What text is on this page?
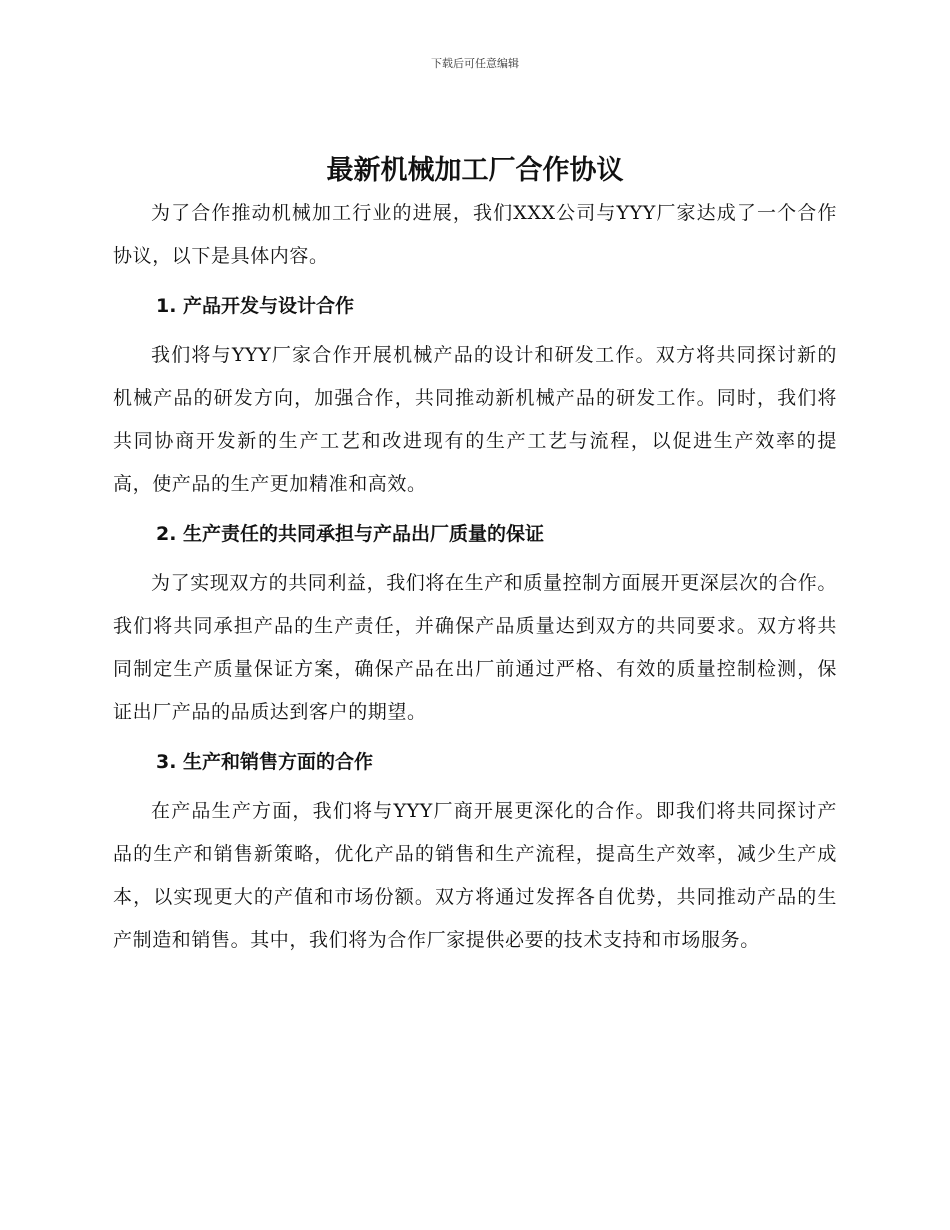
下载后可任意编辑
最新机械加工厂合作协议

为了合作推动机械加工行业的进展，我们XXX公司与YYY厂家达成了一个合作协议，以下是具体内容。

1. 产品开发与设计合作

我们将与YYY厂家合作开展机械产品的设计和研发工作。双方将共同探讨新的机械产品的研发方向，加强合作，共同推动新机械产品的研发工作。同时，我们将共同协商开发新的生产工艺和改进现有的生产工艺与流程，以促进生产效率的提高，使产品的生产更加精准和高效。

2. 生产责任的共同承担与产品出厂质量的保证

为了实现双方的共同利益，我们将在生产和质量控制方面展开更深层次的合作。我们将共同承担产品的生产责任，并确保产品质量达到双方的共同要求。双方将共同制定生产质量保证方案，确保产品在出厂前通过严格、有效的质量控制检测，保证出厂产品的品质达到客户的期望。

3. 生产和销售方面的合作

在产品生产方面，我们将与YYY厂商开展更深化的合作。即我们将共同探讨产品的生产和销售新策略，优化产品的销售和生产流程，提高生产效率，减少生产成本，以实现更大的产值和市场份额。双方将通过发挥各自优势，共同推动产品的生产制造和销售。其中，我们将为合作厂家提供必要的技术支持和市场服务。
